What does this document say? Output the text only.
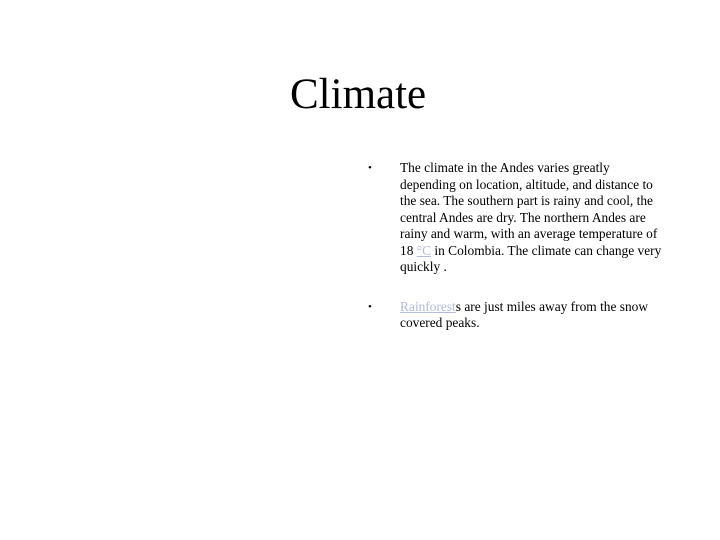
Climate
• The climate in the Andes varies greatly depending on location, altitude, and distance to the sea. The southern part is rainy and cool, the central Andes are dry. The northern Andes are rainy and warm, with an average temperature of 18 °C in Colombia. The climate can change very quickly .
• Rainforests are just miles away from the snow covered peaks.
